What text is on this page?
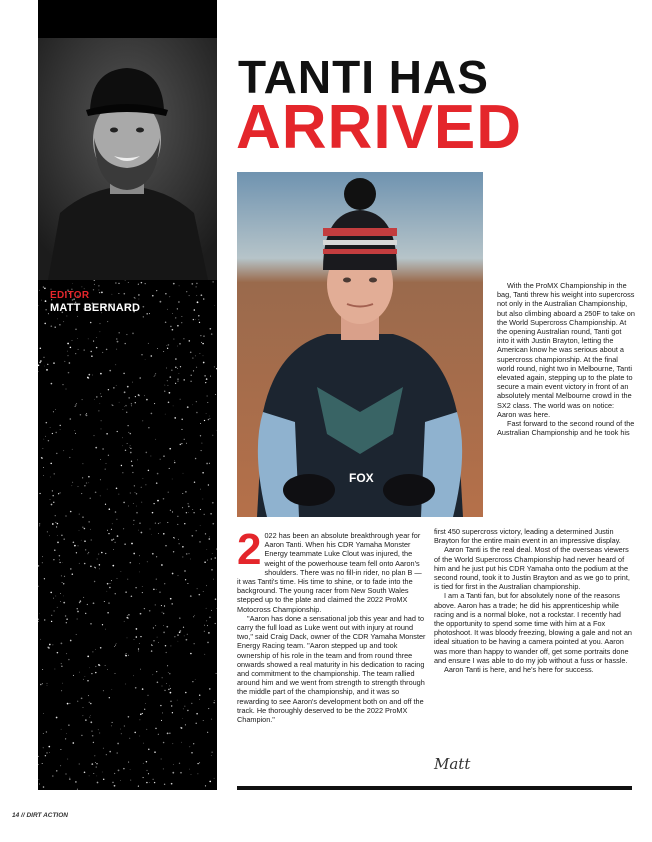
EDITOR
MATT BERNARD
TANTI HAS
ARRIVED
FOX

With the ProMX Championship in the bag, Tanti threw his weight into supercross not only in the Australian Championship, but also climbing aboard a 250F to take on the World Supercross Championship. At the opening Australian round, Tanti got into it with Justin Brayton, letting the American know he was serious about a supercross championship. At the final world round, night two in Melbourne, Tanti elevated again, stepping up to the plate to secure a main event victory in front of an absolutely mental Melbourne crowd in the SX2 class. The world was on notice: Aaron was here.

Fast forward to the second round of the Australian Championship and he took his

2 022 has been an absolute breakthrough year for Aaron Tanti. When his CDR Yamaha Monster Energy teammate Luke Clout was injured, the weight of the powerhouse team fell onto Aaron's shoulders. There was no fill-in rider, no plan B — it was Tanti's time. His time to shine, or to fade into the background. The young racer from New South Wales stepped up to the plate and claimed the 2022 ProMX Motocross Championship.

"Aaron has done a sensational job this year and had to carry the full load as Luke went out with injury at round two," said Craig Dack, owner of the CDR Yamaha Monster Energy Racing team. "Aaron stepped up and took ownership of his role in the team and from round three onwards showed a real maturity in his dedication to racing and commitment to the championship. The team rallied around him and we went from strength to strength through the middle part of the championship, and it was so rewarding to see Aaron's development both on and off the track. He thoroughly deserved to be the 2022 ProMX Champion."

first 450 supercross victory, leading a determined Justin Brayton for the entire main event in an impressive display.

Aaron Tanti is the real deal. Most of the overseas viewers of the World Supercross Championship had never heard of him and he just put his CDR Yamaha onto the podium at the second round, took it to Justin Brayton and as we go to print, is tied for first in the Australian championship.

I am a Tanti fan, but for absolutely none of the reasons above. Aaron has a trade; he did his apprenticeship while racing and is a normal bloke, not a rockstar. I recently had the opportunity to spend some time with him at a Fox photoshoot. It was bloody freezing, blowing a gale and not an ideal situation to be having a camera pointed at you. Aaron was more than happy to wander off, get some portraits done and ensure I was able to do my job without a fuss or hassle.

Aaron Tanti is here, and he's here for success.

Matt
14 // DIRT ACTION
